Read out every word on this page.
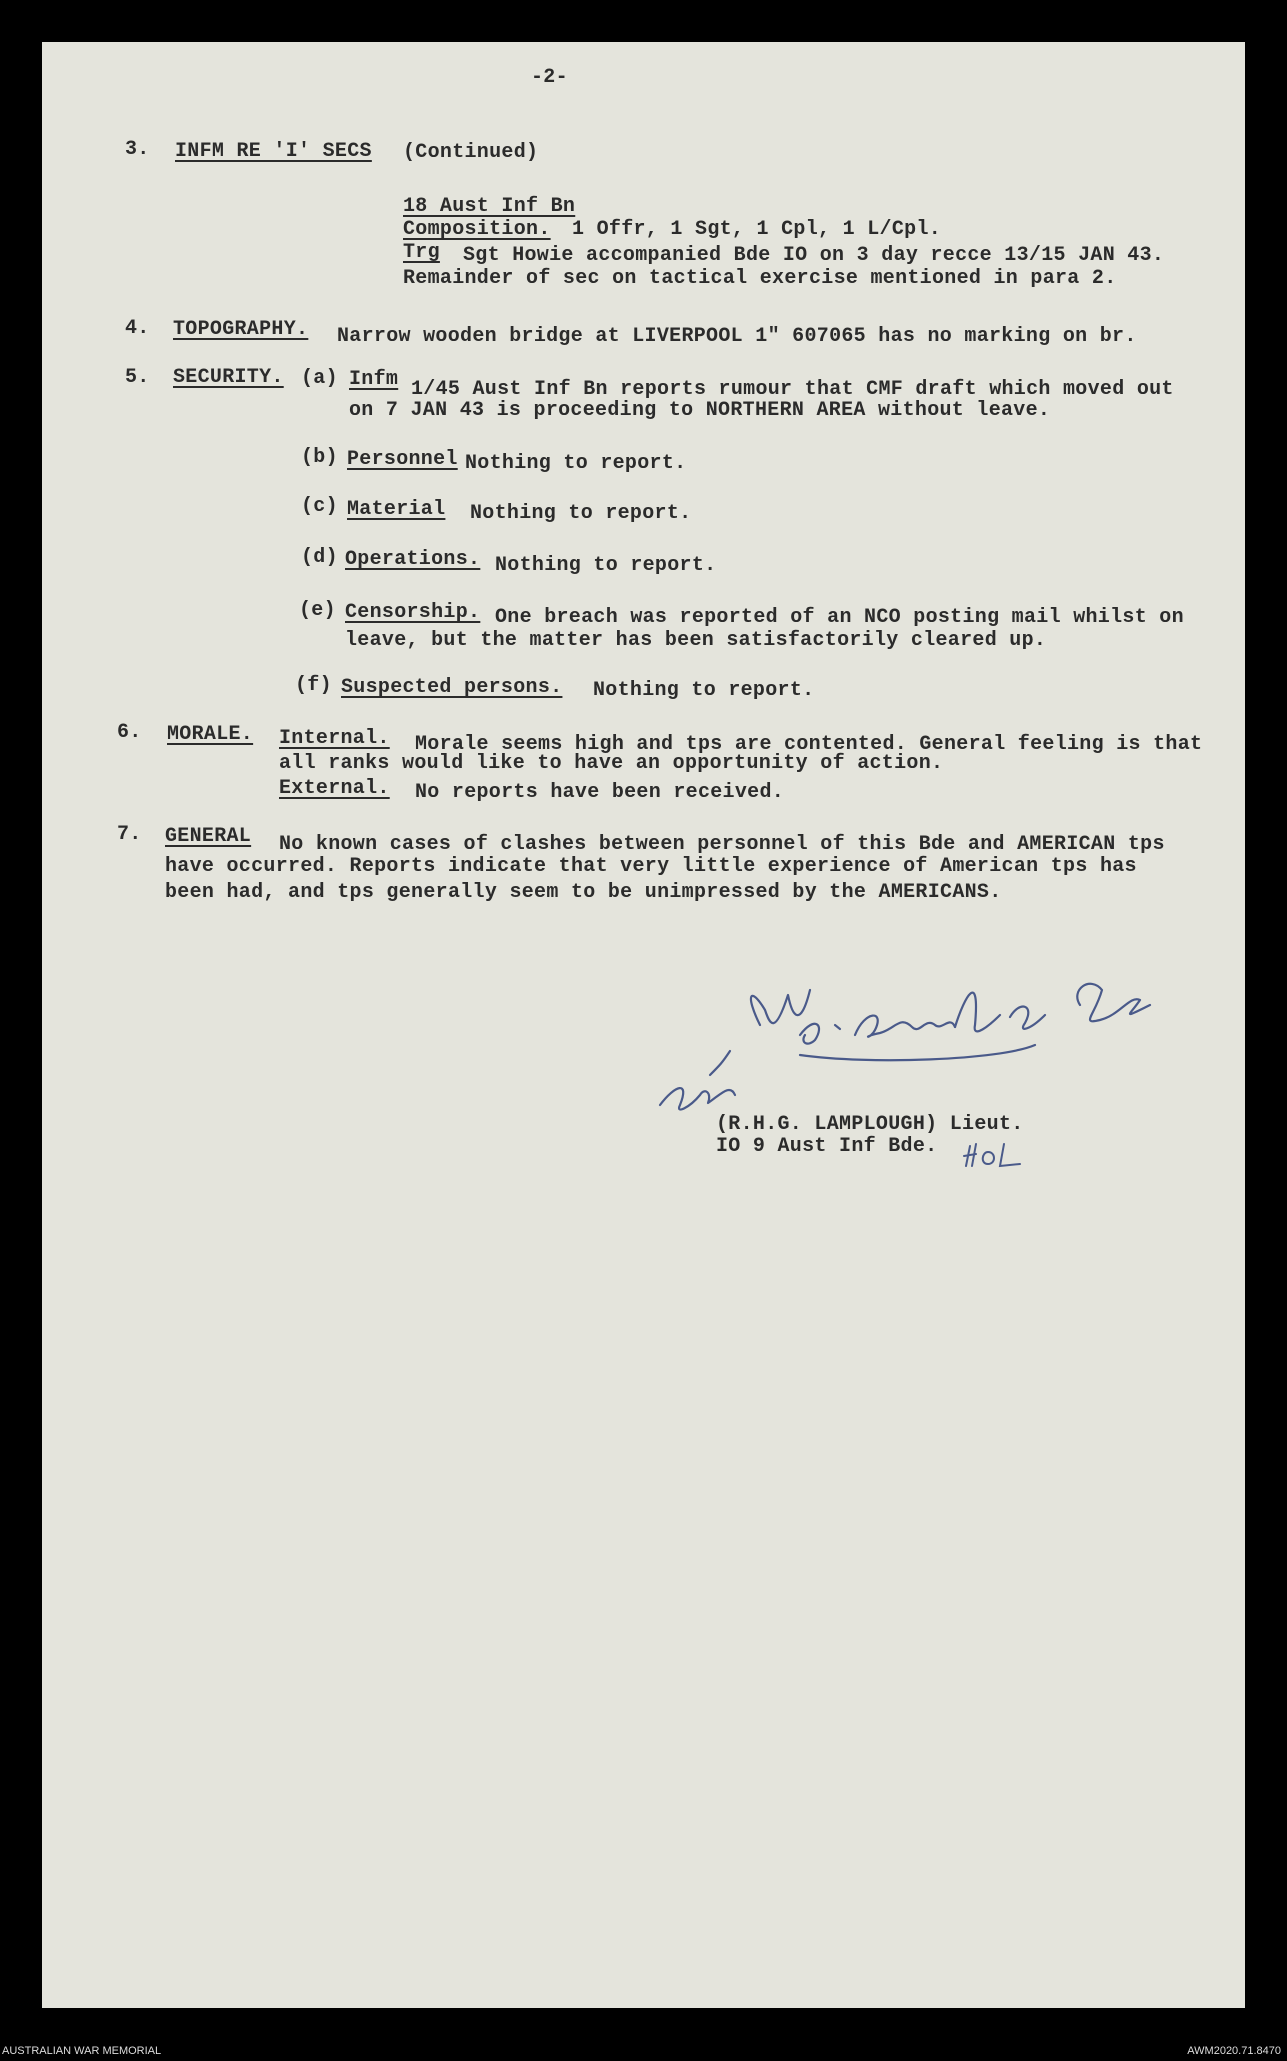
-2-
3. INFM RE 'I' SECS (Continued)
18 Aust Inf Bn
Composition. 1 Offr, 1 Sgt, 1 Cpl, 1 L/Cpl.
Trg Sgt Howie accompanied Bde IO on 3 day recce 13/15 JAN 43.
Remainder of sec on tactical exercise mentioned in para 2.
4. TOPOGRAPHY. Narrow wooden bridge at LIVERPOOL 1" 607065 has no marking on br.
5. SECURITY. (a) Infm 1/45 Aust Inf Bn reports rumour that CMF draft which moved out
on 7 JAN 43 is proceeding to NORTHERN AREA without leave.
(b) Personnel Nothing to report.
(c) Material Nothing to report.
(d) Operations. Nothing to report.
(e) Censorship. One breach was reported of an NCO posting mail whilst on
leave, but the matter has been satisfactorily cleared up.
(f) Suspected persons. Nothing to report.
6. MORALE. Internal. Morale seems high and tps are contented. General feeling is that
all ranks would like to have an opportunity of action.
External. No reports have been received.
7. GENERAL No known cases of clashes between personnel of this Bde and AMERICAN tps
have occurred. Reports indicate that very little experience of American tps has
been had, and tps generally seem to be unimpressed by the AMERICANS.
(R.H.G. LAMPLOUGH) Lieut.
IO 9 Aust Inf Bde.
AUSTRALIAN WAR MEMORIAL	AWM2020.71.8470
